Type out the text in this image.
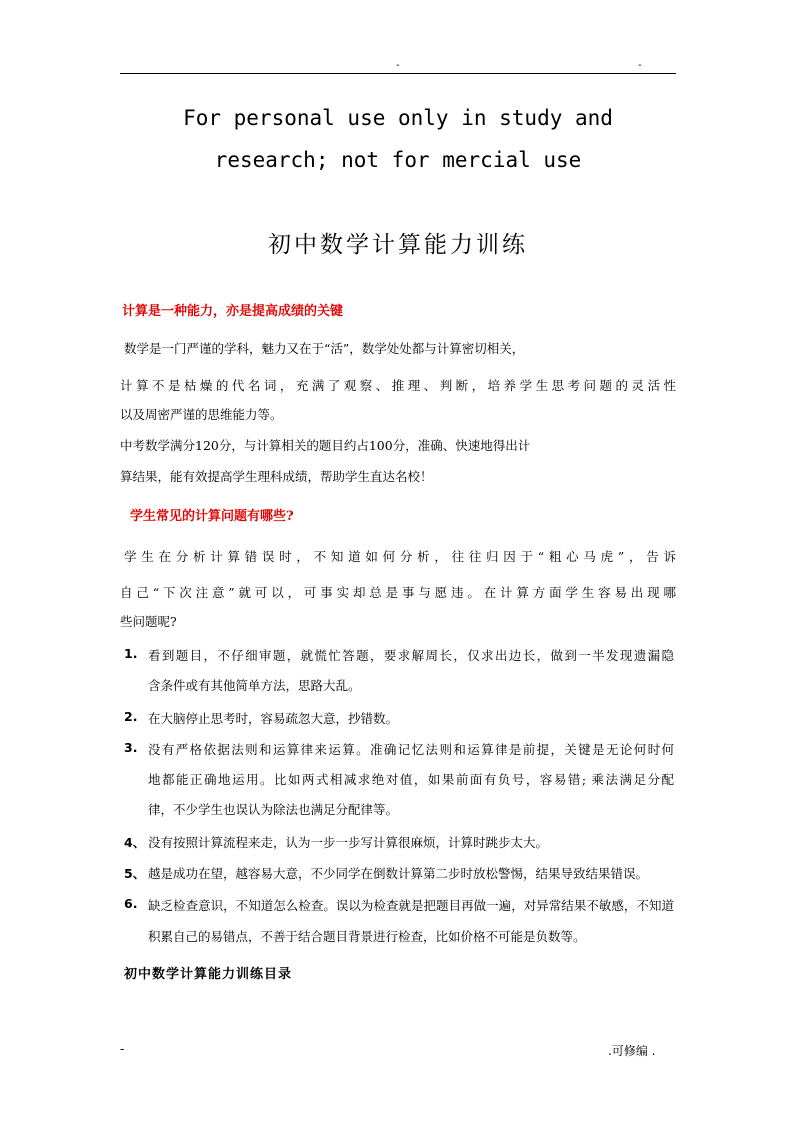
-	-
For personal use only in study and
research; not for mercial use
初中数学计算能力训练
计算是一种能力，亦是提高成绩的关键
数学是一门严谨的学科，魅力又在于“活”，数学处处都与计算密切相关，
计算不是枯燥的代名词，充满了观察、推理、判断，培养学生思考问题的灵活性
以及周密严谨的思维能力等。
中考数学满分120分，与计算相关的题目约占100分，准确、快速地得出计
算结果，能有效提高学生理科成绩，帮助学生直达名校！
学生常见的计算问题有哪些?
学生在分析计算错误时，不知道如何分析，往往归因于“粗心马虎”，告诉
自己“下次注意”就可以，可事实却总是事与愿违。在计算方面学生容易出现哪
些问题呢?
1. 看到题目，不仔细审题，就慌忙答题，要求解周长，仅求出边长，做到一半发现遗漏隐
含条件或有其他简单方法，思路大乱。
2. 在大脑停止思考时，容易疏忽大意，抄错数。
3. 没有严格依据法则和运算律来运算。准确记忆法则和运算律是前提，关键是无论何时何
地都能正确地运用。比如两式相减求绝对值，如果前面有负号，容易错; 乘法满足分配
律，不少学生也误认为除法也满足分配律等。
4、 没有按照计算流程来走，认为一步一步写计算很麻烦，计算时跳步太大。
5、 越是成功在望，越容易大意，不少同学在倒数计算第二步时放松警惕，结果导致结果错误。
6. 缺乏检查意识，不知道怎么检查。误以为检查就是把题目再做一遍，对异常结果不敏感，不知道
积累自己的易错点，不善于结合题目背景进行检查，比如价格不可能是负数等。
初中数学计算能力训练目录
-	.可修编 .
